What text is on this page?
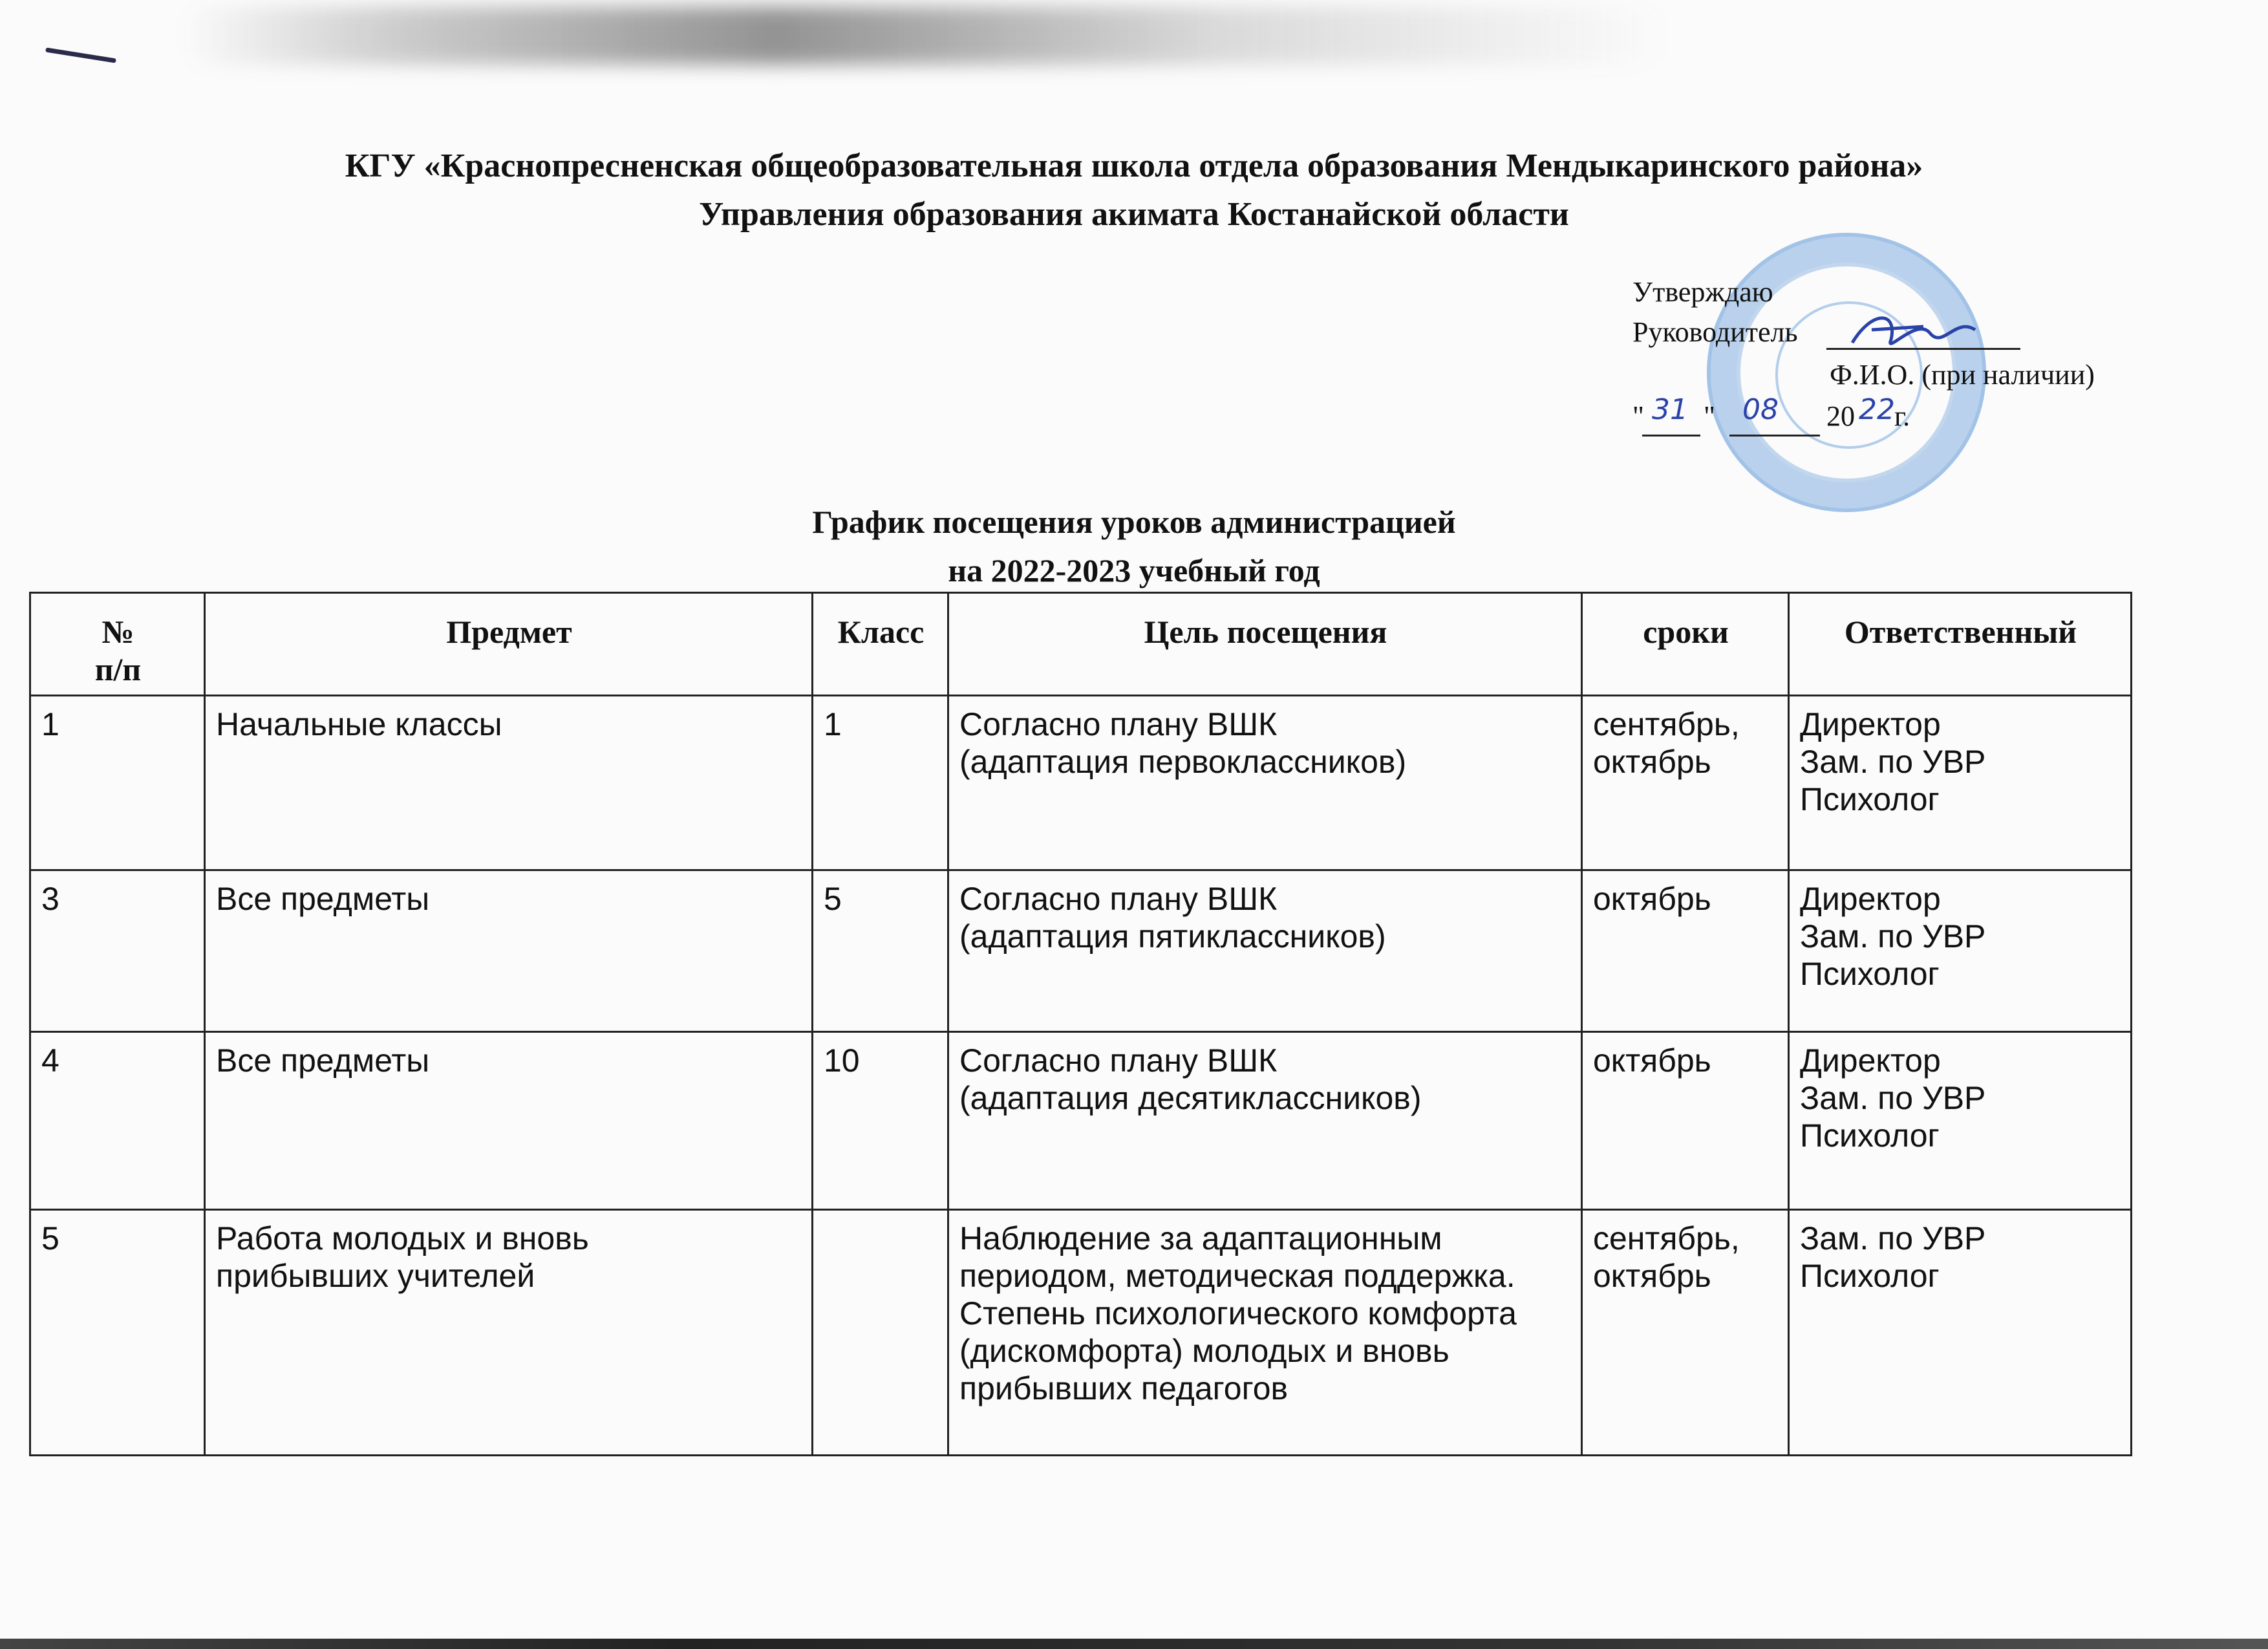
КГУ «Краснопресненская общеобразовательная школа отдела образования Мендыкаринского района»
Управления образования акимата Костанайской области
Утверждаю
Руководитель
Ф.И.О. (при наличии)
" 31 " 08 20 22 г.
График посещения уроков администрацией
на 2022-2023 учебный год
№
п/п	Предмет	Класс	Цель посещения	сроки	Ответственный
1	Начальные классы	1	Согласно плану ВШК
(адаптация первоклассников)	сентябрь,
октябрь	Директор
Зам. по УВР
Психолог
3	Все предметы	5	Согласно плану ВШК
(адаптация пятиклассников)	октябрь	Директор
Зам. по УВР
Психолог
4	Все предметы	10	Согласно плану ВШК
(адаптация десятиклассников)	октябрь	Директор
Зам. по УВР
Психолог
5	Работа молодых и вновь
прибывших учителей		Наблюдение за адаптационным
периодом, методическая поддержка.
Степень психологического комфорта
(дискомфорта) молодых и вновь
прибывших педагогов	сентябрь,
октябрь	Зам. по УВР
Психолог
